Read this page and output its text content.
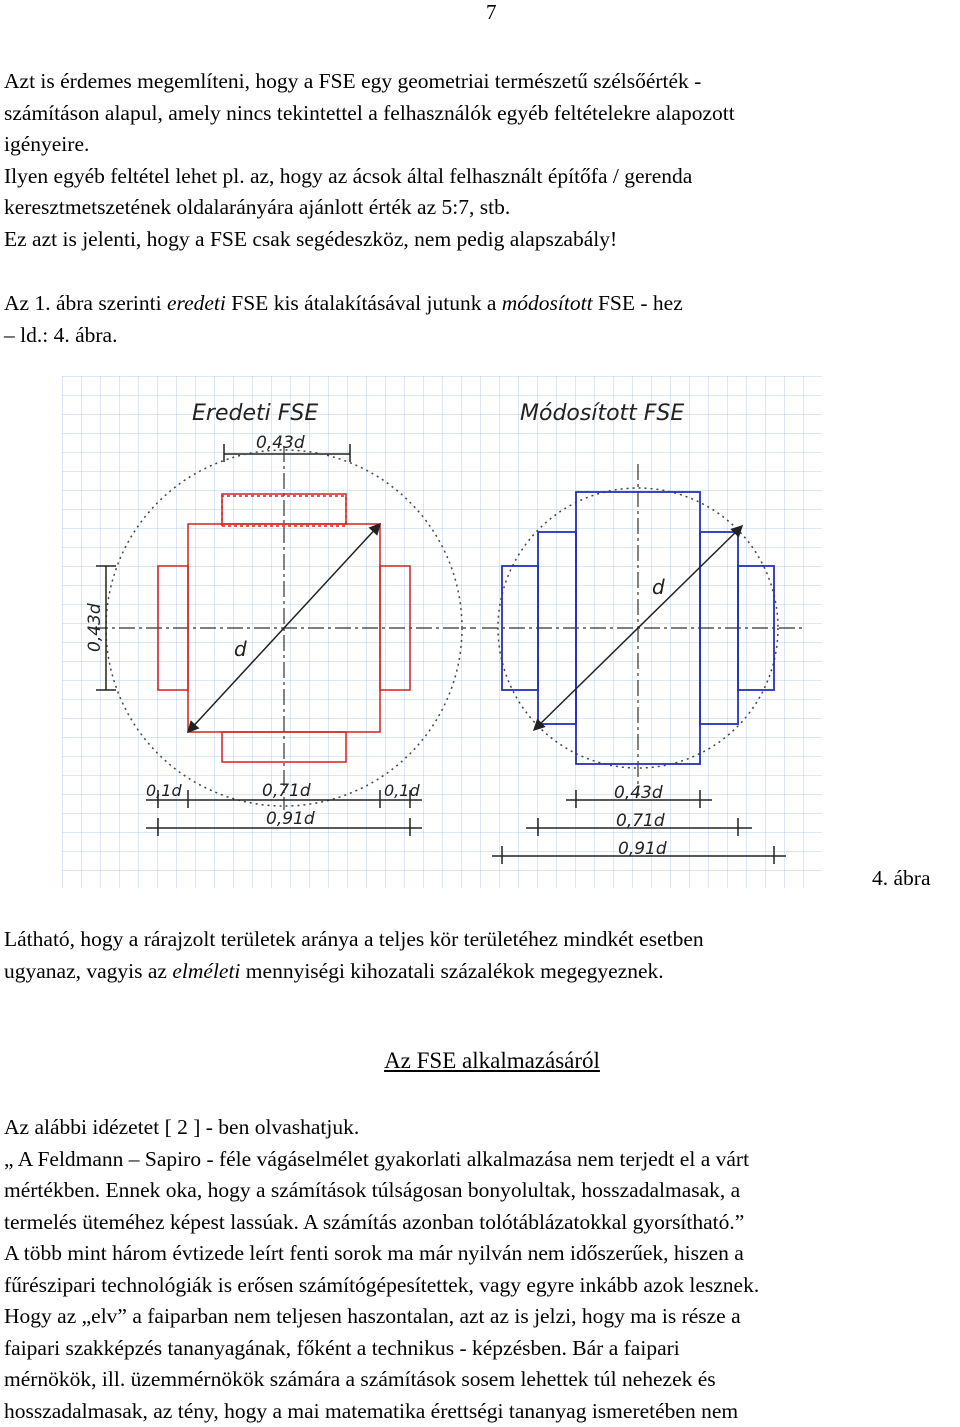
7
Azt is érdemes megemlíteni, hogy a FSE egy geometriai természetű szélsőérték -
számításon alapul, amely nincs tekintettel a felhasználók egyéb feltételekre alapozott
igényeire.
Ilyen egyéb feltétel lehet pl. az, hogy az ácsok által felhasznált építőfa / gerenda
keresztmetszetének oldalarányára ajánlott érték az 5:7, stb.
Ez azt is jelenti, hogy a FSE csak segédeszköz, nem pedig alapszabály!
Az 1. ábra szerinti eredeti FSE kis átalakításával jutunk a módosított FSE - hez
– ld.: 4. ábra.
Eredeti FSE
0,43d
d
0,43d
0,1d	0,71d	0,1d
0,91d
Módosított FSE
d
0,43d
0,71d
0,91d
4. ábra
Látható, hogy a rárajzolt területek aránya a teljes kör területéhez mindkét esetben
ugyanaz, vagyis az elméleti mennyiségi kihozatali százalékok megegyeznek.
Az FSE alkalmazásáról
Az alábbi idézetet [ 2 ] - ben olvashatjuk.
„ A Feldmann – Sapiro - féle vágáselmélet gyakorlati alkalmazása nem terjedt el a várt
mértékben. Ennek oka, hogy a számítások túlságosan bonyolultak, hosszadalmasak, a
termelés üteméhez képest lassúak. A számítás azonban tolótáblázatokkal gyorsítható.”
A több mint három évtizede leírt fenti sorok ma már nyilván nem időszerűek, hiszen a
fűrészipari technológiák is erősen számítógépesítettek, vagy egyre inkább azok lesznek.
Hogy az „elv” a faiparban nem teljesen haszontalan, azt az is jelzi, hogy ma is része a
faipari szakképzés tananyagának, főként a technikus - képzésben. Bár a faipari
mérnökök, ill. üzemmérnökök számára a számítások sosem lehettek túl nehezek és
hosszadalmasak, az tény, hogy a mai matematika érettségi tananyag ismeretében nem
